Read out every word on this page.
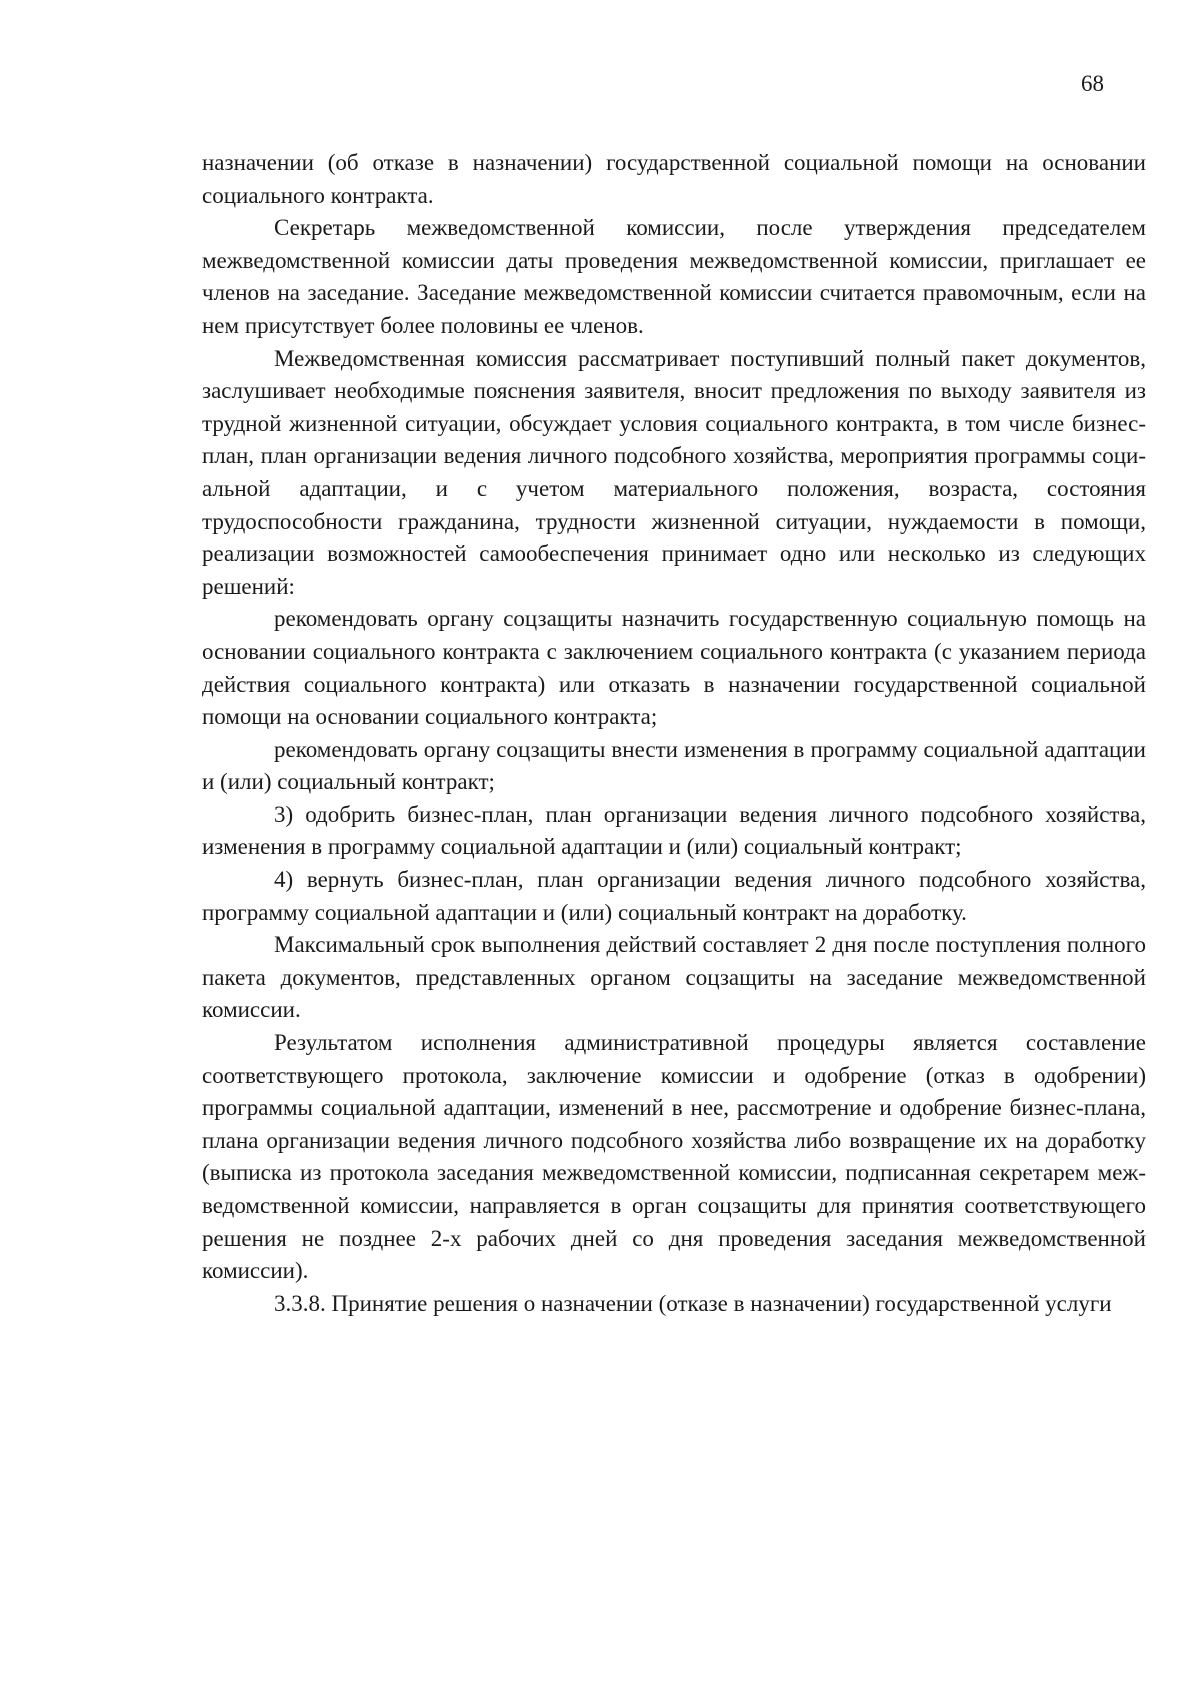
68

назначении (об отказе в назначении) государственной социальной помощи на основании социального контракта.

Секретарь межведомственной комиссии, после утверждения председателем межведомственной комиссии даты проведения межведомственной комиссии, приглашает ее членов на заседание. Заседание межведомственной комиссии считается правомочным, если на нем присутствует более половины ее членов.

Межведомственная комиссия рассматривает поступивший полный пакет документов, заслушивает необходимые пояснения заявителя, вносит предложения по выходу заявителя из трудной жизненной ситуации, обсуждает условия социального контракта, в том числе бизнес-план, план организации ведения личного подсобного хозяйства, мероприятия программы социальной адаптации, и с учетом материального положения, возраста, состояния трудоспособности гражданина, трудности жизненной ситуации, нуждаемости в помощи, реализации возможностей самообеспечения принимает одно или несколько из следующих решений:

рекомендовать органу соцзащиты назначить государственную социальную помощь на основании социального контракта с заключением социального контракта (с указанием периода действия социального контракта) или отказать в назначении государственной социальной помощи на основании социального контракта;

рекомендовать органу соцзащиты внести изменения в программу социальной адаптации и (или) социальный контракт;

3) одобрить бизнес-план, план организации ведения личного подсобного хозяйства, изменения в программу социальной адаптации и (или) социальный контракт;

4) вернуть бизнес-план, план организации ведения личного подсобного хозяйства, программу социальной адаптации и (или) социальный контракт на доработку.

Максимальный срок выполнения действий составляет 2 дня после поступления полного пакета документов, представленных органом соцзащиты на заседание межведомственной комиссии.

Результатом исполнения административной процедуры является составление соответствующего протокола, заключение комиссии и одобрение (отказ в одобрении) программы социальной адаптации, изменений в нее, рассмотрение и одобрение бизнес-плана, плана организации ведения личного подсобного хозяйства либо возвращение их на доработку (выписка из протокола заседания межведомственной комиссии, подписанная секретарем межведомственной комиссии, направляется в орган соцзащиты для принятия соответствующего решения не позднее 2-х рабочих дней со дня проведения заседания межведомственной комиссии).

3.3.8. Принятие решения о назначении (отказе в назначении) государственной услуги
